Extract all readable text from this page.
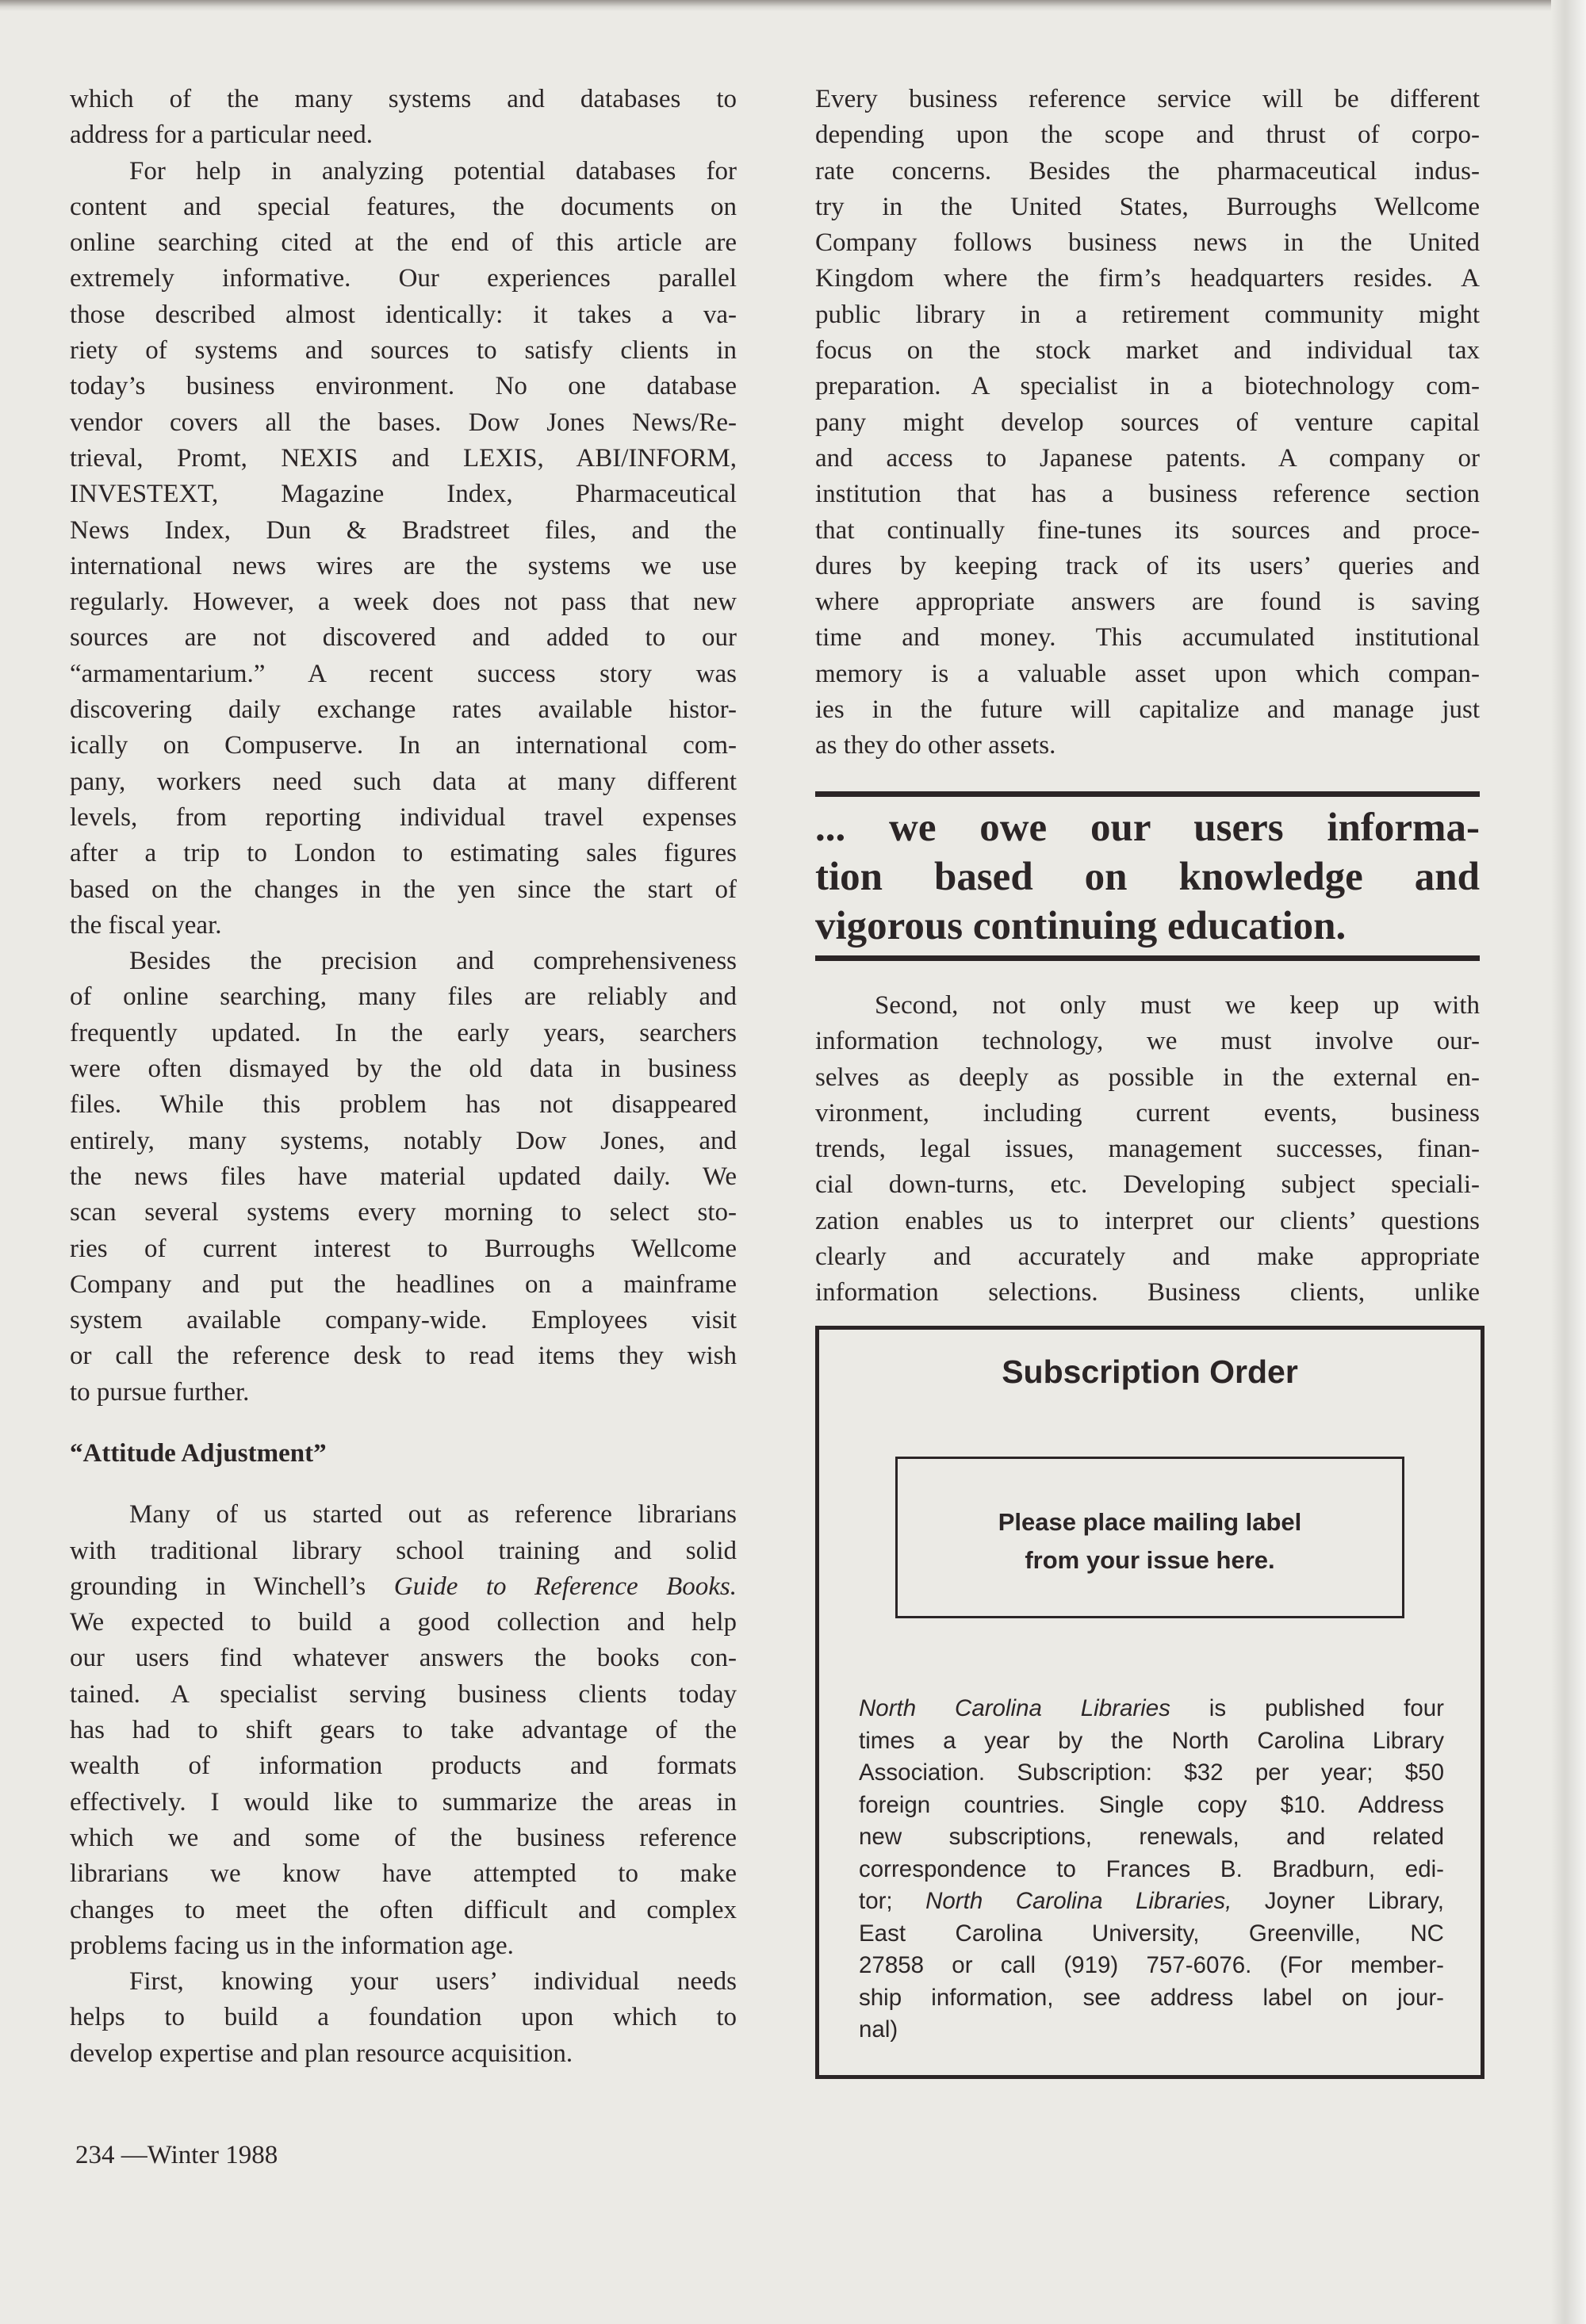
which of the many systems and databases to
address for a particular need.
For help in analyzing potential databases for
content and special features, the documents on
online searching cited at the end of this article are
extremely informative. Our experiences parallel
those described almost identically: it takes a va-
riety of systems and sources to satisfy clients in
today’s business environment. No one database
vendor covers all the bases. Dow Jones News/Re-
trieval, Promt, NEXIS and LEXIS, ABI/INFORM,
INVESTEXT, Magazine Index, Pharmaceutical
News Index, Dun & Bradstreet files, and the
international news wires are the systems we use
regularly. However, a week does not pass that new
sources are not discovered and added to our
“armamentarium.” A recent success story was
discovering daily exchange rates available histor-
ically on Compuserve. In an international com-
pany, workers need such data at many different
levels, from reporting individual travel expenses
after a trip to London to estimating sales figures
based on the changes in the yen since the start of
the fiscal year.
Besides the precision and comprehensiveness
of online searching, many files are reliably and
frequently updated. In the early years, searchers
were often dismayed by the old data in business
files. While this problem has not disappeared
entirely, many systems, notably Dow Jones, and
the news files have material updated daily. We
scan several systems every morning to select sto-
ries of current interest to Burroughs Wellcome
Company and put the headlines on a mainframe
system available company-wide. Employees visit
or call the reference desk to read items they wish
to pursue further.
“Attitude Adjustment”
Many of us started out as reference librarians
with traditional library school training and solid
grounding in Winchell’s Guide to Reference Books.
We expected to build a good collection and help
our users find whatever answers the books con-
tained. A specialist serving business clients today
has had to shift gears to take advantage of the
wealth of information products and formats
effectively. I would like to summarize the areas in
which we and some of the business reference
librarians we know have attempted to make
changes to meet the often difficult and complex
problems facing us in the information age.
First, knowing your users’ individual needs
helps to build a foundation upon which to
develop expertise and plan resource acquisition.
Every business reference service will be different
depending upon the scope and thrust of corpo-
rate concerns. Besides the pharmaceutical indus-
try in the United States, Burroughs Wellcome
Company follows business news in the United
Kingdom where the firm’s headquarters resides. A
public library in a retirement community might
focus on the stock market and individual tax
preparation. A specialist in a biotechnology com-
pany might develop sources of venture capital
and access to Japanese patents. A company or
institution that has a business reference section
that continually fine-tunes its sources and proce-
dures by keeping track of its users’ queries and
where appropriate answers are found is saving
time and money. This accumulated institutional
memory is a valuable asset upon which compan-
ies in the future will capitalize and manage just
as they do other assets.
... we owe our users informa-
tion based on knowledge and
vigorous continuing education.
Second, not only must we keep up with
information technology, we must involve our-
selves as deeply as possible in the external en-
vironment, including current events, business
trends, legal issues, management successes, finan-
cial down-turns, etc. Developing subject speciali-
zation enables us to interpret our clients’ questions
clearly and accurately and make appropriate
information selections. Business clients, unlike
Subscription Order
Please place mailing label
from your issue here.
North Carolina Libraries is published four
times a year by the North Carolina Library
Association. Subscription: $32 per year; $50
foreign countries. Single copy $10. Address
new subscriptions, renewals, and related
correspondence to Frances B. Bradburn, edi-
tor; North Carolina Libraries, Joyner Library,
East Carolina University, Greenville, NC
27858 or call (919) 757-6076. (For member-
ship information, see address label on jour-
nal)
234 —Winter 1988
